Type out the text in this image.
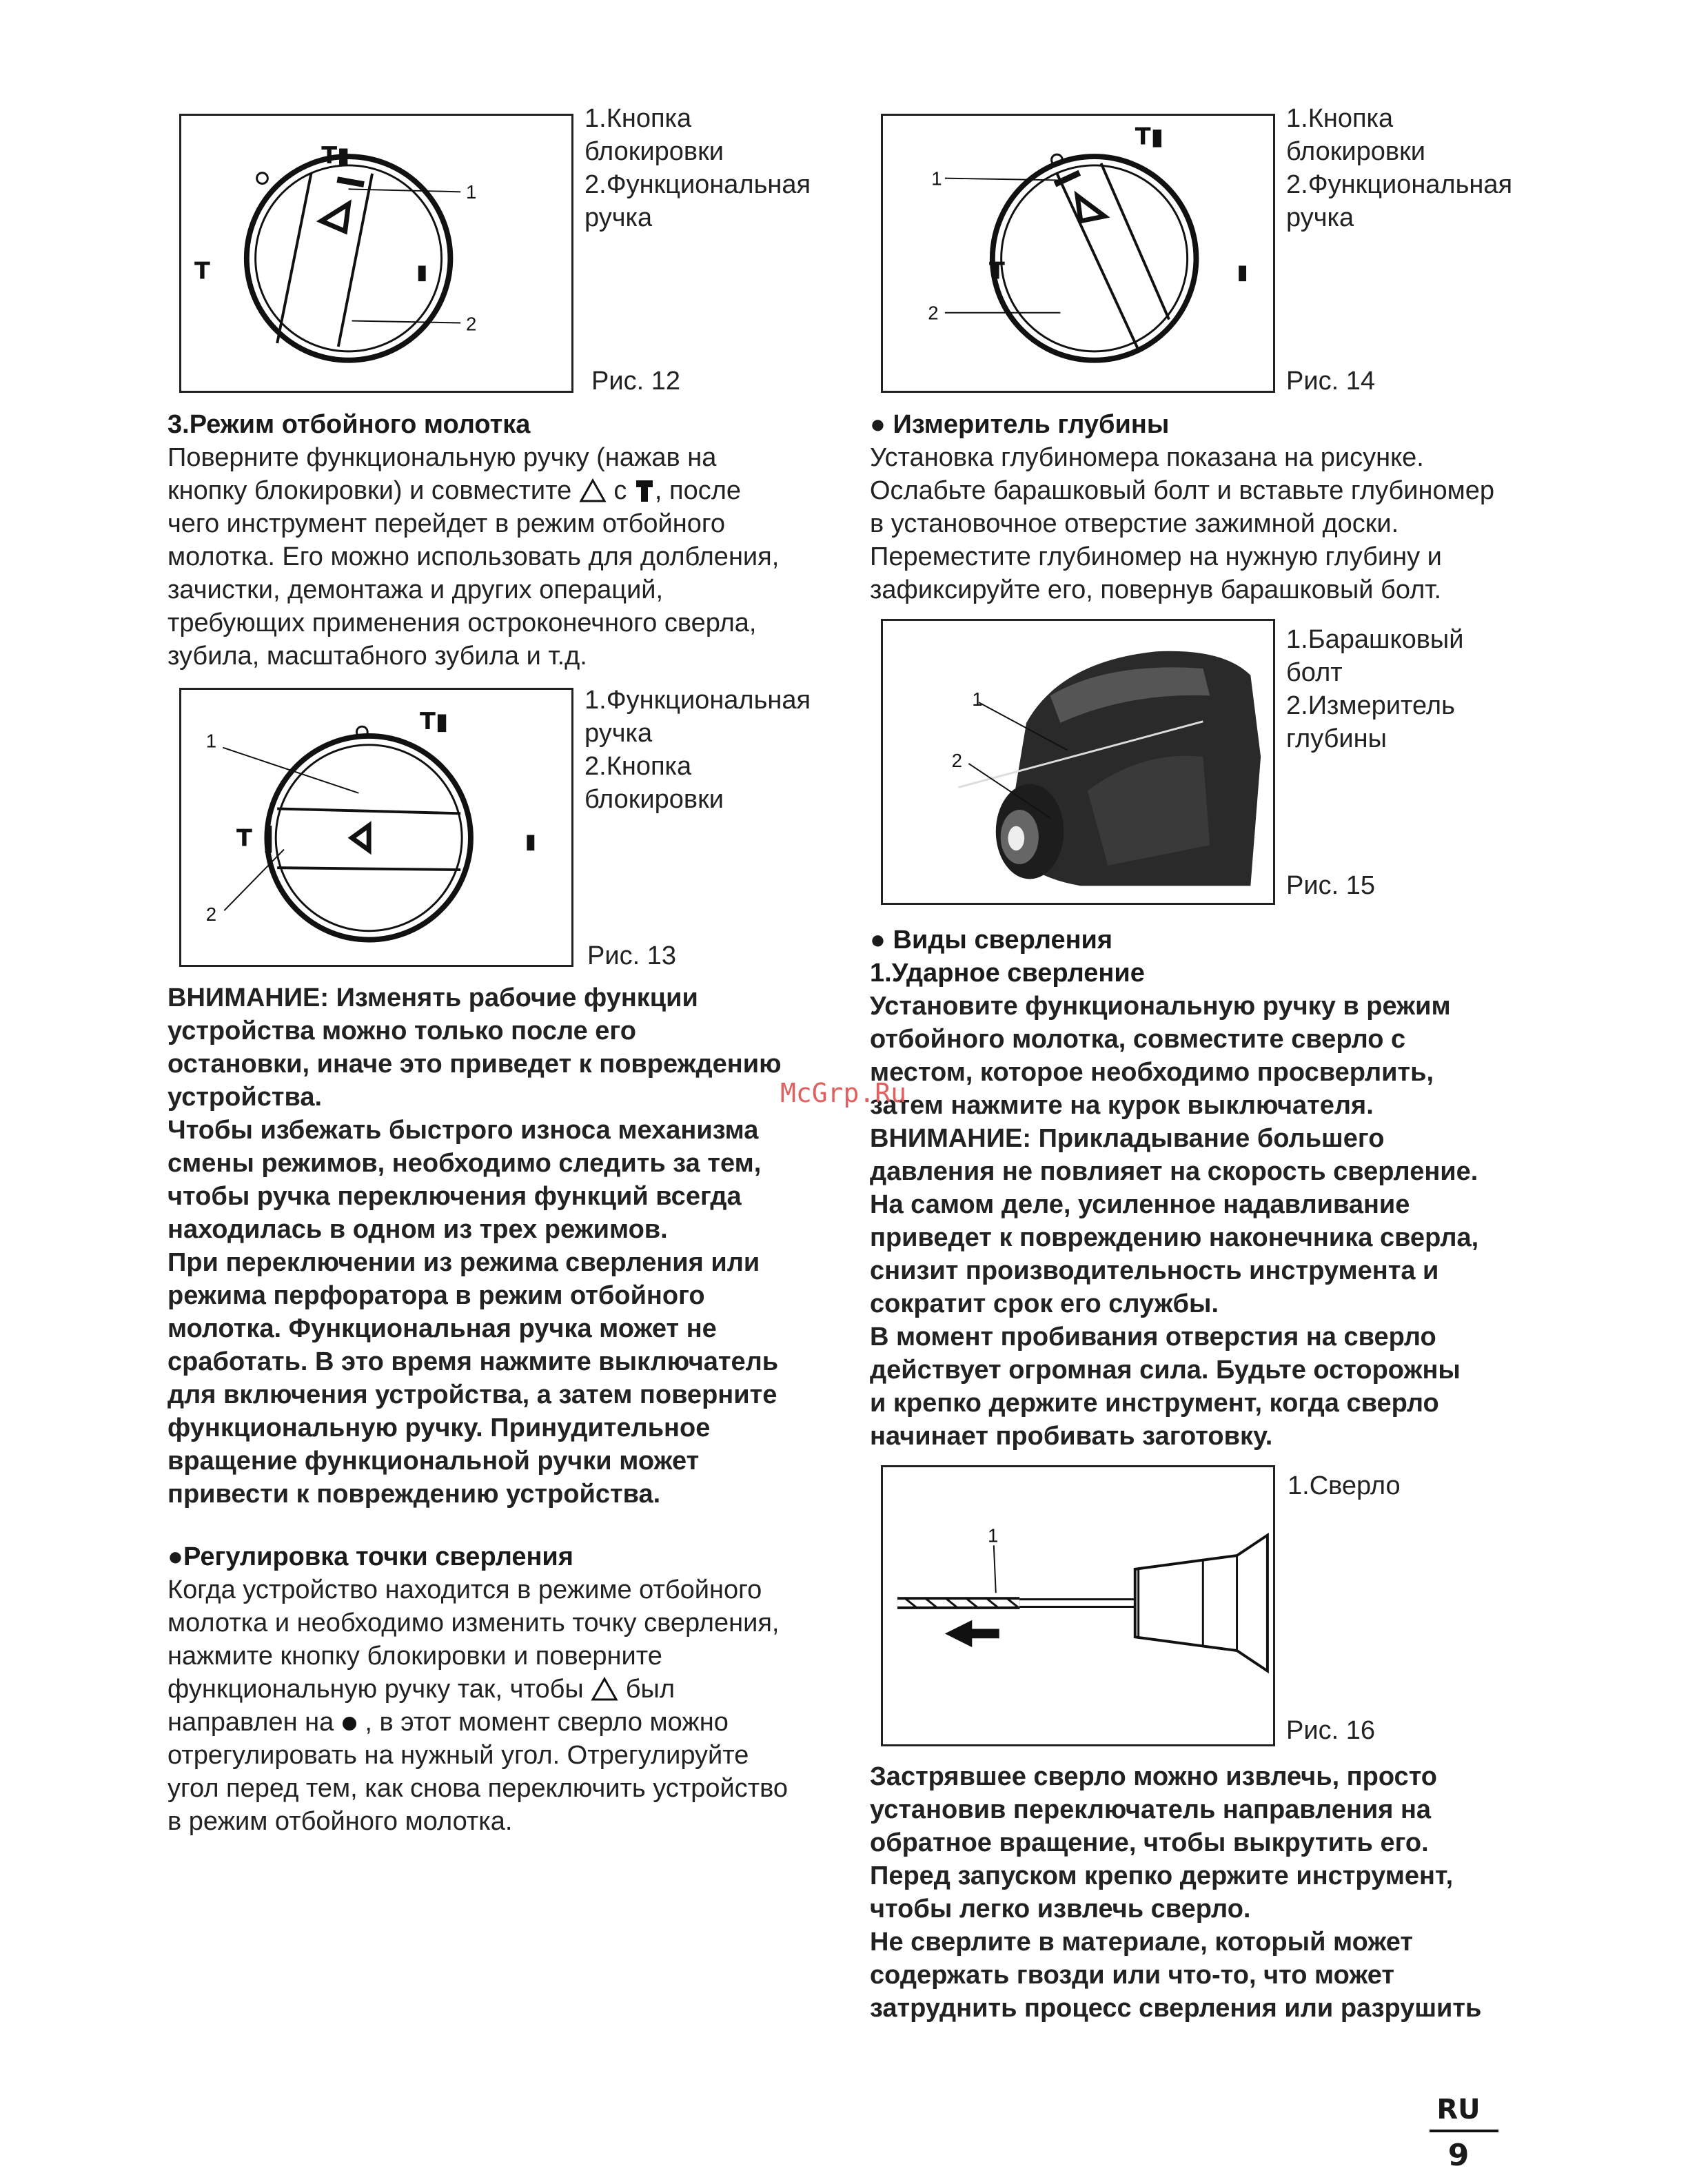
T▮
T	▮
1
2
1.Кнопка
блокировки
2.Функциональная
ручка
Рис. 12
3.Режим отбойного молотка
Поверните функциональную ручку (нажав на
кнопку блокировки) и совместите с , после
чего инструмент перейдет в режим отбойного
молотка. Его можно использовать для долбления,
зачистки, демонтажа и других операций,
требующих применения остроконечного сверла,
зубила, масштабного зубила и т.д.
T▮
T	▮
1
2
1.Функциональная
ручка
2.Кнопка
блокировки
Рис. 13
ВНИМАНИЕ: Изменять рабочие функции
устройства можно только после его
остановки, иначе это приведет к повреждению
устройства.
Чтобы избежать быстрого износа механизма
смены режимов, необходимо следить за тем,
чтобы ручка переключения функций всегда
находилась в одном из трех режимов.
При переключении из режима сверления или
режима перфоратора в режим отбойного
молотка. Функциональная ручка может не
сработать. В это время нажмите выключатель
для включения устройства, а затем поверните
функциональную ручку. Принудительное
вращение функциональной ручки может
привести к повреждению устройства.
●Регулировка точки сверления
Когда устройство находится в режиме отбойного
молотка и необходимо изменить точку сверления,
нажмите кнопку блокировки и поверните
функциональную ручку так, чтобы был
направлен на , в этот момент сверло можно
отрегулировать на нужный угол. Отрегулируйте
угол перед тем, как снова переключить устройство
в режим отбойного молотка.
T▮
T	▮
1
2
1.Кнопка
блокировки
2.Функциональная
ручка
Рис. 14
● Измеритель глубины
Установка глубиномера показана на рисунке.
Ослабьте барашковый болт и вставьте глубиномер
в установочное отверстие зажимной доски.
Переместите глубиномер на нужную глубину и
зафиксируйте его, повернув барашковый болт.
1
2
1.Барашковый
болт
2.Измеритель
глубины
Рис. 15
● Виды сверления
1.Ударное сверление
Установите функциональную ручку в режим
отбойного молотка, совместите сверло с
местом, которое необходимо просверлить,
затем нажмите на курок выключателя.
ВНИМАНИЕ: Прикладывание большего
давления не повлияет на скорость сверление.
На самом деле, усиленное надавливание
приведет к повреждению наконечника сверла,
снизит производительность инструмента и
сократит срок его службы.
В момент пробивания отверстия на сверло
действует огромная сила. Будьте осторожны
и крепко держите инструмент, когда сверло
начинает пробивать заготовку.
McGrp.Ru
1
1.Сверло
Рис. 16
Застрявшее сверло можно извлечь, просто
установив переключатель направления на
обратное вращение, чтобы выкрутить его.
Перед запуском крепко держите инструмент,
чтобы легко извлечь сверло.
Не сверлите в материале, который может
содержать гвозди или что-то, что может
затруднить процесс сверления или разрушить
RU
9
